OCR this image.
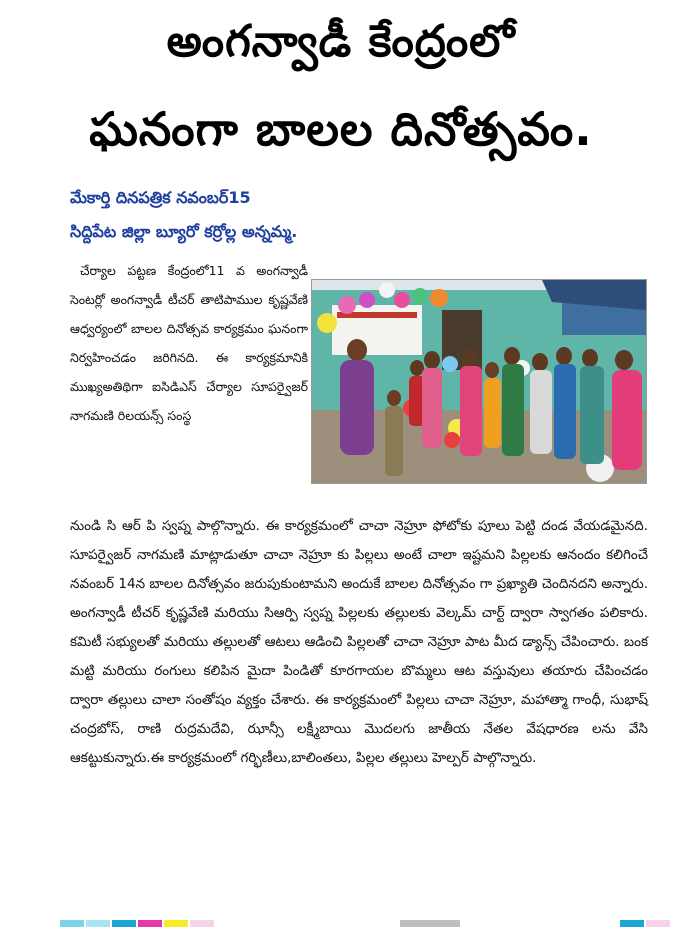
అంగన్వాడీ కేంద్రంలో
ఘనంగా బాలల దినోత్సవం.
మేకార్తి దినపత్రిక నవంబర్15
సిద్దిపేట జిల్లా బ్యూరో కర్రోల్ల అన్నమ్మ.

చేర్యాల పట్టణ కేంద్రంలో11 వ అంగన్వాడీ సెంటర్లో అంగన్వాడీ టీచర్ తాటిపాముల కృష్ణవేణి ఆధ్వర్యంలో బాలల దినోత్సవ కార్యక్రమం ఘనంగా నిర్వహించడం జరిగినది. ఈ కార్యక్రమానికి ముఖ్యఅతిథిగా ఐసిడిఎస్ చేర్యాల సూపర్వైజర్ నాగమణి రిలయన్స్ సంస్థ

నుండి సి ఆర్ పి స్వప్న పాల్గొన్నారు. ఈ కార్యక్రమంలో చాచా నెహ్రూ ఫోటోకు పూలు పెట్టి దండ వేయడమైనది. సూపర్వైజర్ నాగమణి మాట్లాడుతూ చాచా నెహ్రూ కు పిల్లలు అంటే చాలా ఇష్టమని పిల్లలకు ఆనందం కలిగించే నవంబర్ 14న బాలల దినోత్సవం జరుపుకుంటామని అందుకే బాలల దినోత్సవం గా ప్రఖ్యాతి చెందినదని అన్నారు. అంగన్వాడీ టీచర్ కృష్ణవేణి మరియు సిఆర్పి స్వప్న పిల్లలకు తల్లులకు వెల్కమ్ చార్ట్ ద్వారా స్వాగతం పలికారు. కమిటీ సభ్యులతో మరియు తల్లులతో ఆటలు ఆడించి పిల్లలతో చాచా నెహ్రూ పాట మీద డ్యాన్స్ చేపించారు. బంక మట్టి మరియు రంగులు కలిపిన మైదా పిండితో కూరగాయల బొమ్మలు ఆట వస్తువులు తయారు చేపించడం ద్వారా తల్లులు చాలా సంతోషం వ్యక్తం చేశారు. ఈ కార్యక్రమంలో పిల్లలు చాచా నెహ్రూ, మహాత్మా గాంధీ, సుభాష్ చంద్రబోస్, రాణి రుద్రమదేవి, ఝాన్సీ లక్ష్మీబాయి మొదలగు జాతీయ నేతల వేషధారణ లను వేసి ఆకట్టుకున్నారు.ఈ కార్యక్రమంలో గర్భిణీలు,బాలింతలు, పిల్లల తల్లులు హెల్పర్ పాల్గొన్నారు.
